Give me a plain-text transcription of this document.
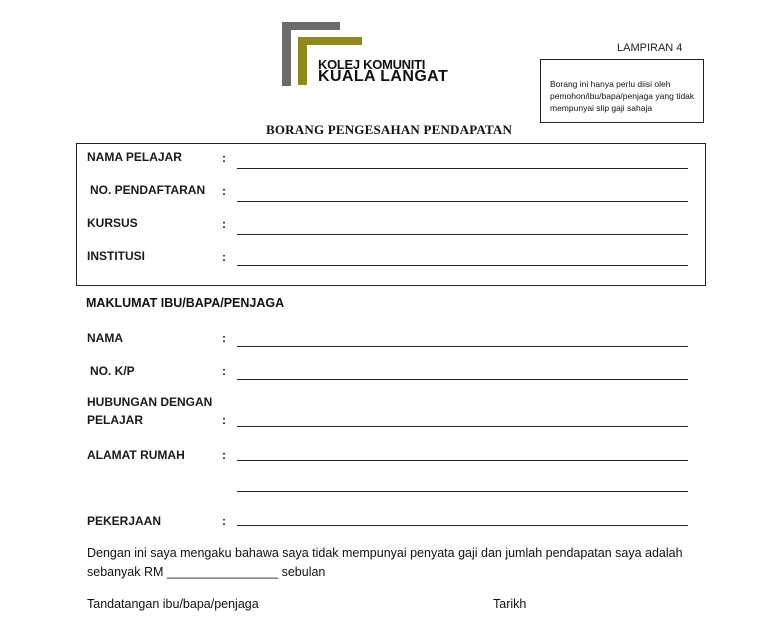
KOLEJ KOMUNITI
KUALA LANGAT
LAMPIRAN 4
Borang ini hanya perlu diisi oleh pemohon/ibu/bapa/penjaga yang tidak mempunyai slip gaji sahaja
BORANG PENGESAHAN PENDAPATAN
NAMA PELAJAR	:
NO. PENDAFTARAN :
KURSUS	:
INSTITUSI	:
MAKLUMAT IBU/BAPA/PENJAGA
NAMA	:
NO. K/P	:
HUBUNGAN DENGAN
PELAJAR	:
ALAMAT RUMAH	:
PEKERJAAN	:
Dengan ini saya mengaku bahawa saya tidak mempunyai penyata gaji dan jumlah pendapatan saya adalah
sebanyak RM ________________ sebulan
Tandatangan ibu/bapa/penjaga	Tarikh
